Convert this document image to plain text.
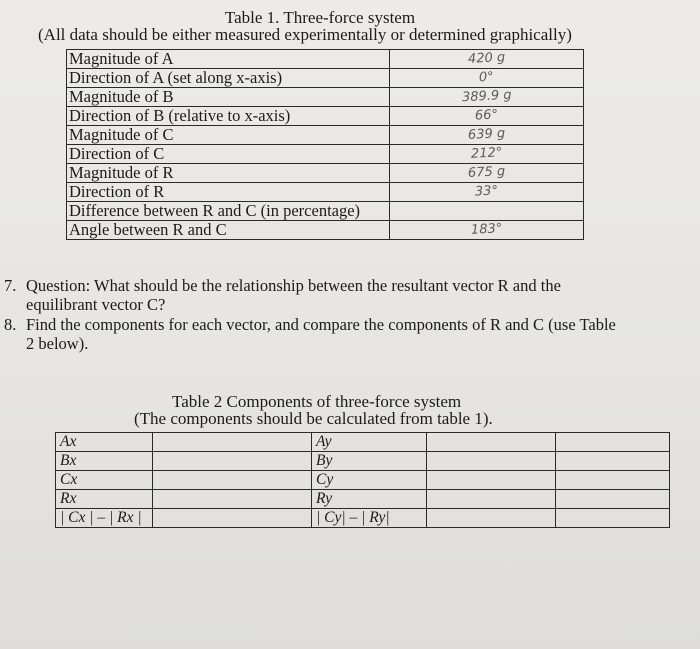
Table 1. Three-force system
(All data should be either measured experimentally or determined graphically)
Magnitude of A	420 g
Direction of A (set along x-axis)	0°
Magnitude of B	389.9 g
Direction of B (relative to x-axis)	66°
Magnitude of C	639 g
Direction of C	212°
Magnitude of R	675 g
Direction of R	33°
Difference between R and C (in percentage)	
Angle between R and C	183°
7. Question: What should be the relationship between the resultant vector R and the
equilibrant vector C?
8. Find the components for each vector, and compare the components of R and C (use Table
2 below).
Table 2 Components of three-force system
(The components should be calculated from table 1).
Ax		Ay		
Bx		By		
Cx		Cy		
Rx		Ry		
| Cx | – | Rx |		| Cy| – | Ry|		
